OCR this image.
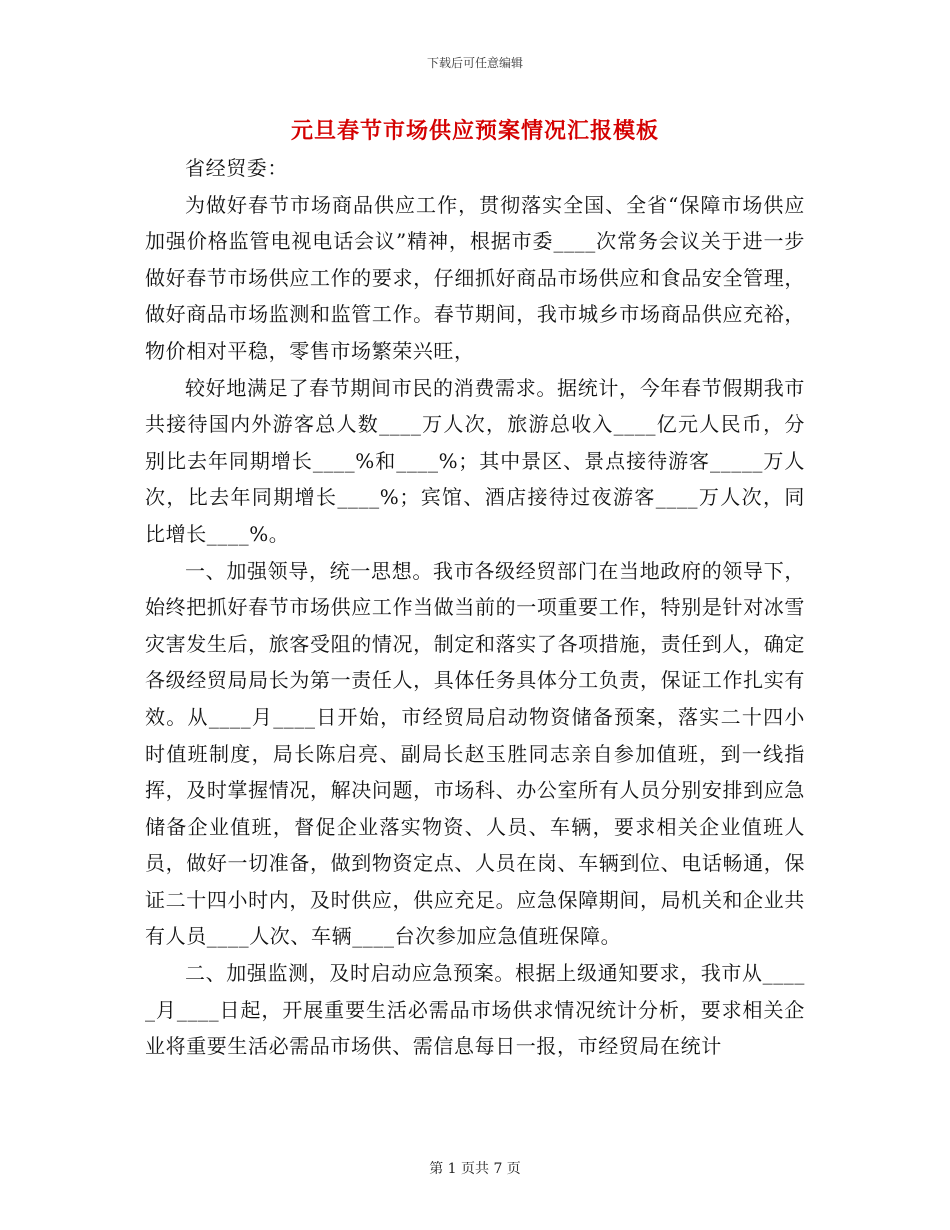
下载后可任意编辑
元旦春节市场供应预案情况汇报模板

省经贸委：

为做好春节市场商品供应工作，贯彻落实全国、全省“保障市场供应加强价格监管电视电话会议”精神，根据市委____次常务会议关于进一步做好春节市场供应工作的要求，仔细抓好商品市场供应和食品安全管理，做好商品市场监测和监管工作。春节期间，我市城乡市场商品供应充裕，物价相对平稳，零售市场繁荣兴旺，

较好地满足了春节期间市民的消费需求。据统计，今年春节假期我市共接待国内外游客总人数____万人次，旅游总收入____亿元人民币，分别比去年同期增长____%和____%；其中景区、景点接待游客_____万人次，比去年同期增长____%；宾馆、酒店接待过夜游客____万人次，同比增长____%。

一、加强领导，统一思想。我市各级经贸部门在当地政府的领导下，始终把抓好春节市场供应工作当做当前的一项重要工作，特别是针对冰雪灾害发生后，旅客受阻的情况，制定和落实了各项措施，责任到人，确定各级经贸局局长为第一责任人，具体任务具体分工负责，保证工作扎实有效。从____月____日开始，市经贸局启动物资储备预案，落实二十四小时值班制度，局长陈启亮、副局长赵玉胜同志亲自参加值班，到一线指挥，及时掌握情况，解决问题，市场科、办公室所有人员分别安排到应急储备企业值班，督促企业落实物资、人员、车辆，要求相关企业值班人员，做好一切准备，做到物资定点、人员在岗、车辆到位、电话畅通，保证二十四小时内，及时供应，供应充足。应急保障期间，局机关和企业共有人员____人次、车辆____台次参加应急值班保障。

二、加强监测，及时启动应急预案。根据上级通知要求，我市从_____月____日起，开展重要生活必需品市场供求情况统计分析，要求相关企业将重要生活必需品市场供、需信息每日一报，市经贸局在统计

第 1 页共 7 页
